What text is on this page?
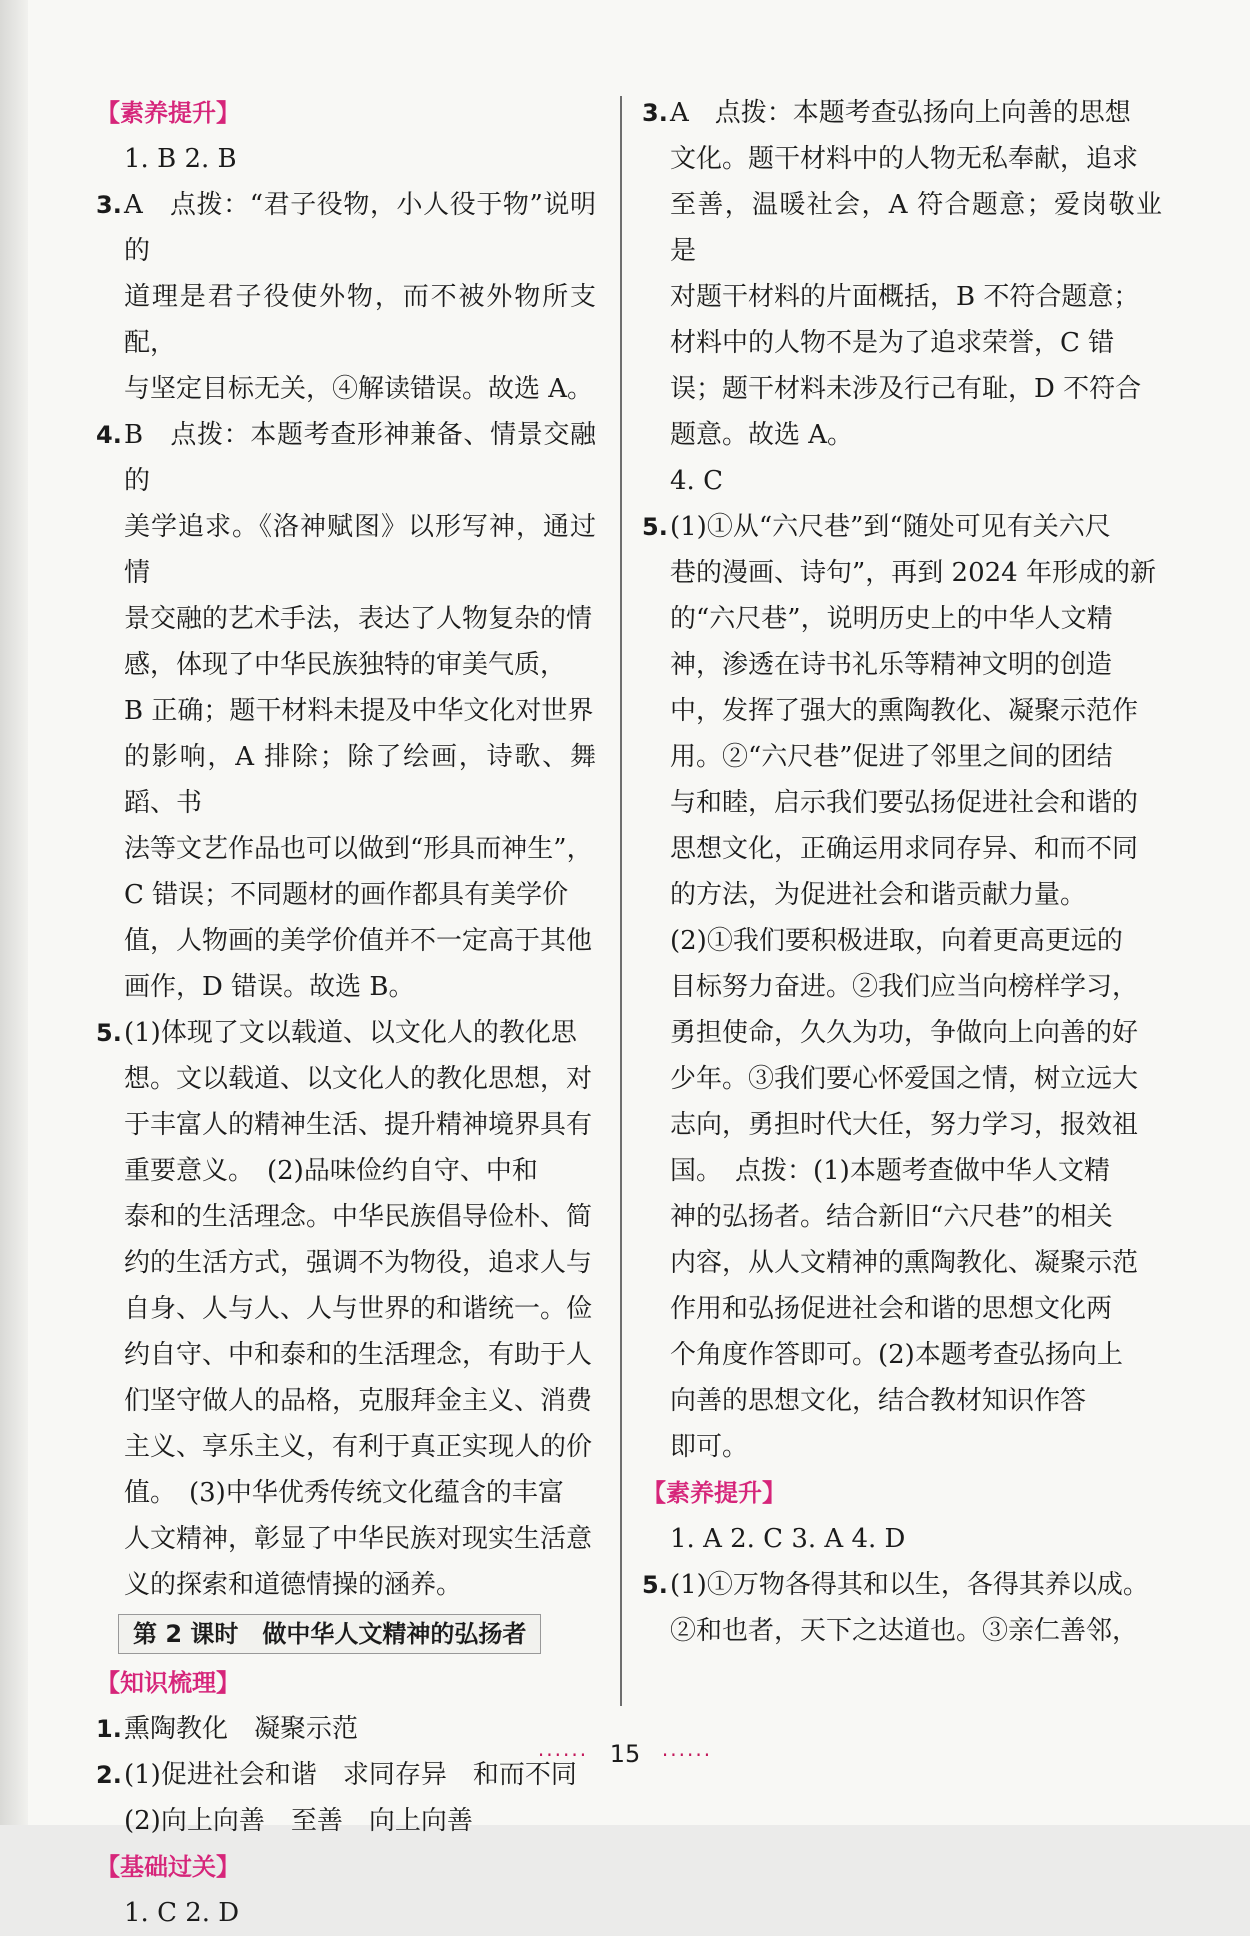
【素养提升】
1. B 2. B
3. A　点拨：“君子役物，小人役于物”说明的

道理是君子役使外物，而不被外物所支配，

与坚定目标无关，④解读错误。故选 A。

4. B　点拨：本题考查形神兼备、情景交融的

美学追求。《洛神赋图》以形写神，通过情

景交融的艺术手法，表达了人物复杂的情

感，体现了中华民族独特的审美气质，

B 正确；题干材料未提及中华文化对世界

的影响，A 排除；除了绘画，诗歌、舞蹈、书

法等文艺作品也可以做到“形具而神生”，

C 错误；不同题材的画作都具有美学价

值，人物画的美学价值并不一定高于其他

画作，D 错误。故选 B。

5. (1)体现了文以载道、以文化人的教化思

想。文以载道、以文化人的教化思想，对

于丰富人的精神生活、提升精神境界具有

重要意义。　(2)品味俭约自守、中和

泰和的生活理念。中华民族倡导俭朴、简

约的生活方式，强调不为物役，追求人与

自身、人与人、人与世界的和谐统一。俭

约自守、中和泰和的生活理念，有助于人

们坚守做人的品格，克服拜金主义、消费

主义、享乐主义，有利于真正实现人的价

值。　(3)中华优秀传统文化蕴含的丰富

人文精神，彰显了中华民族对现实生活意

义的探索和道德情操的涵养。

第 2 课时　做中华人文精神的弘扬者 【知识梳理】
1. 熏陶教化　凝聚示范

2. (1)促进社会和谐　求同存异　和而不同

(2)向上向善　至善　向上向善

【基础过关】
1. C 2. D
3. A　点拨：本题考查弘扬向上向善的思想

文化。题干材料中的人物无私奉献，追求

至善，温暖社会，A 符合题意；爱岗敬业是

对题干材料的片面概括，B 不符合题意；

材料中的人物不是为了追求荣誉，C 错

误；题干材料未涉及行己有耻，D 不符合

题意。故选 A。

4. C
5. (1)①从“六尺巷”到“随处可见有关六尺

巷的漫画、诗句”，再到 2024 年形成的新

的“六尺巷”，说明历史上的中华人文精

神，渗透在诗书礼乐等精神文明的创造

中，发挥了强大的熏陶教化、凝聚示范作

用。②“六尺巷”促进了邻里之间的团结

与和睦，启示我们要弘扬促进社会和谐的

思想文化，正确运用求同存异、和而不同

的方法，为促进社会和谐贡献力量。

(2)①我们要积极进取，向着更高更远的

目标努力奋进。②我们应当向榜样学习，

勇担使命，久久为功，争做向上向善的好

少年。③我们要心怀爱国之情，树立远大

志向，勇担时代大任，努力学习，报效祖

国。　点拨：(1)本题考查做中华人文精

神的弘扬者。结合新旧“六尺巷”的相关

内容，从人文精神的熏陶教化、凝聚示范

作用和弘扬促进社会和谐的思想文化两

个角度作答即可。(2)本题考查弘扬向上

向善的思想文化，结合教材知识作答

即可。

【素养提升】
1. A 2. C 3. A 4. D
5. (1)①万物各得其和以生，各得其养以成。

②和也者，天下之达道也。③亲仁善邻，

······ 15 ······
